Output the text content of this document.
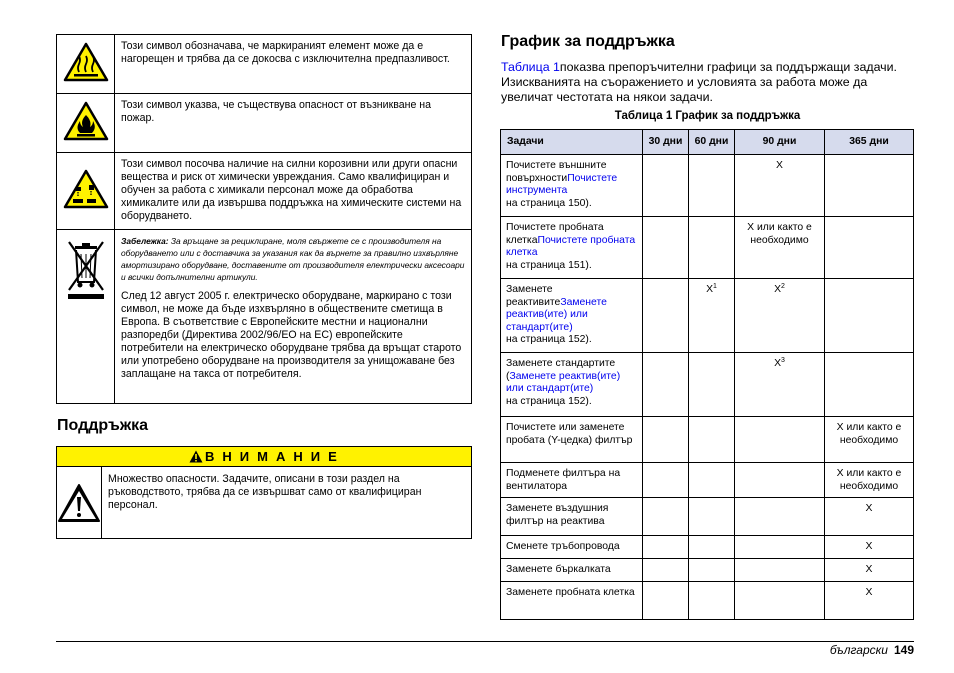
	Този символ обозначава, че маркираният елемент може да е нагорещен и трябва да се докосва с изключителна предпазливост.
	Този символ указва, че съществува опасност от възникване на пожар.
	Този символ посочва наличие на силни корозивни или други опасни вещества и риск от химически увреждания. Само квалифициран и обучен за работа с химикали персонал може да обработва химикалите или да извършва поддръжка на химическите системи на оборудването.

Забележка: За връщане за рециклиране, моля свържете се с производителя на оборудването или с доставчика за указания как да върнете за правилно изхвърляне амортизирано оборудване, доставените от производителя електрически аксесоари и всички допълнителни артикули.

След 12 август 2005 г. електрическо оборудване, маркирано с този символ, не може да бъде изхвърляно в обществените сметища в Европа. В съответствие с Европейските местни и национални разпоредби (Директива 2002/96/ЕО на ЕС) европейските потребители на електрическо оборудване трябва да връщат старото или употребено оборудване на производителя за унищожаване без заплащане на такса от потребителя.

Поддръжка
В Н И М А Н И Е
Множество опасности. Задачите, описани в този раздел на ръководството, трябва да се извършват само от квалифициран персонал.
График за поддръжка

Таблица 1показва препоръчителни графици за поддържащи задачи. Изискванията на съоражението и условията за работа може да увеличат честотата на някои задачи.

Таблица 1 График за поддръжка
Задачи	30 дни	60 дни	90 дни	365 дни
Почистете външните повърхностиПочистете инструмента
на страница 150).			X	
Почистете пробната клеткаПочистете пробната клетка
на страница 151).			X или както е необходимо	
Заменете реактивитеЗаменете реактив(ите) или стандарт(ите)
на страница 152).		$X^1$	$X^2$	
Заменете стандартите (Заменете реактив(ите) или стандарт(ите)
на страница 152).			$X^3$	
Почистете или заменете пробата (Y-цедка) филтър				X или както е необходимо
Подменете филтъра на вентилатора				X или както е необходимо
Заменете въздушния филтър на реактива				X
Сменете тръбопровода				X
Заменете бъркалката				X
Заменете пробната клетка				X
български 149
